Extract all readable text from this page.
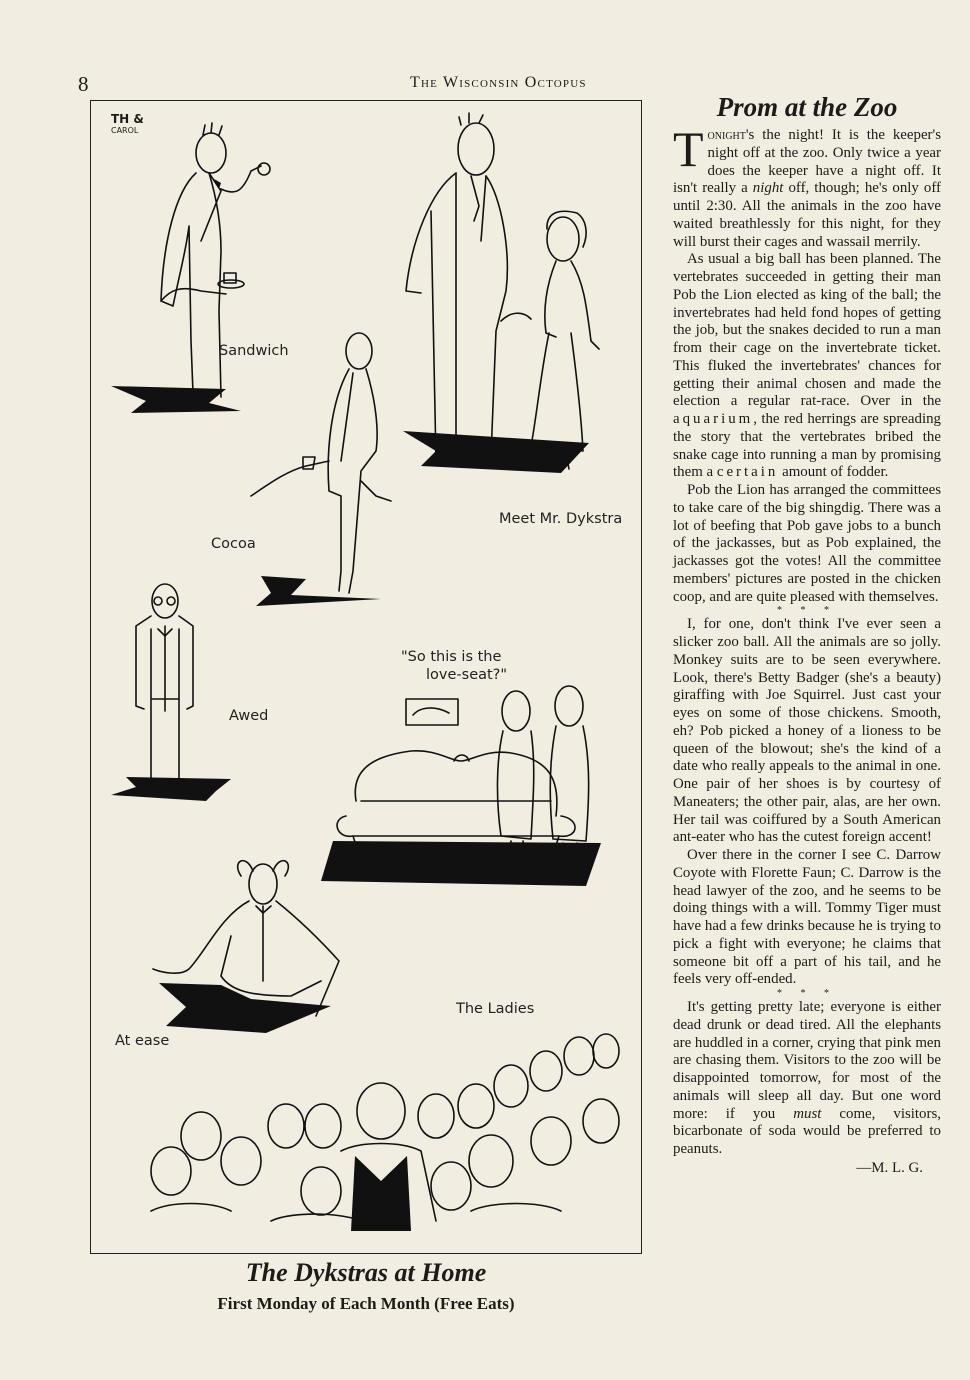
8	The Wisconsin Octopus
TH &
CAROL
Sandwich
Cocoa
Meet Mr. Dykstra
Awed
"So this is the
love-seat?"
At ease
The Ladies
The Dykstras at Home
First Monday of Each Month (Free Eats)
Prom at the Zoo

Tonight's the night! It is the keeper's night off at the zoo. Only twice a year does the keeper have a night off. It isn't really a night off, though; he's only off until 2:30. All the animals in the zoo have waited breathlessly for this night, for they will burst their cages and wassail merrily.

As usual a big ball has been planned. The vertebrates succeeded in getting their man Pob the Lion elected as king of the ball; the invertebrates had held fond hopes of getting the job, but the snakes decided to run a man from their cage on the invertebrate ticket. This fluked the invertebrates' chances for getting their animal chosen and made the election a regular rat-race. Over in the aquarium, the red herrings are spreading the story that the vertebrates bribed the snake cage into running a man by promising them a certain amount of fodder.

Pob the Lion has arranged the committees to take care of the big shingdig. There was a lot of beefing that Pob gave jobs to a bunch of the jackasses, but as Pob explained, the jackasses got the votes! All the committee members' pictures are posted in the chicken coop, and are quite pleased with themselves.

* * *

I, for one, don't think I've ever seen a slicker zoo ball. All the animals are so jolly. Monkey suits are to be seen everywhere. Look, there's Betty Badger (she's a beauty) giraffing with Joe Squirrel. Just cast your eyes on some of those chickens. Smooth, eh? Pob picked a honey of a lioness to be queen of the blowout; she's the kind of a date who really appeals to the animal in one. One pair of her shoes is by courtesy of Maneaters; the other pair, alas, are her own. Her tail was coiffured by a South American ant-eater who has the cutest foreign accent!

Over there in the corner I see C. Darrow Coyote with Florette Faun; C. Darrow is the head lawyer of the zoo, and he seems to be doing things with a will. Tommy Tiger must have had a few drinks because he is trying to pick a fight with everyone; he claims that someone bit off a part of his tail, and he feels very off-ended.

* * *

It's getting pretty late; everyone is either dead drunk or dead tired. All the elephants are huddled in a corner, crying that pink men are chasing them. Visitors to the zoo will be disappointed tomorrow, for most of the animals will sleep all day. But one word more: if you must come, visitors, bicarbonate of soda would be preferred to peanuts.

—M. L. G.
